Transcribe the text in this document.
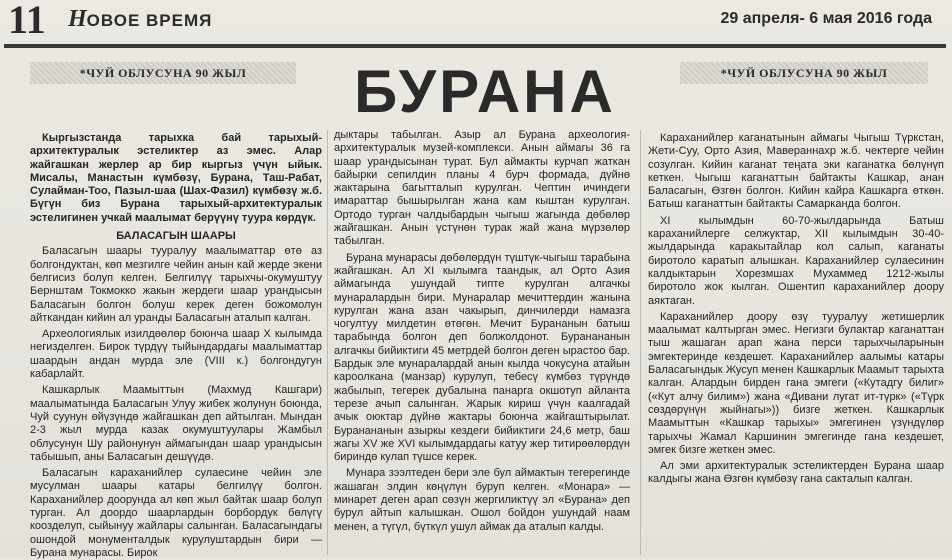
11 НОВОЕ ВРЕМЯ	29 апреля- 6 мая 2016 года
*ЧУЙ ОБЛУСУНА 90 ЖЫЛ	БУРАНА	*ЧУЙ ОБЛУСУНА 90 ЖЫЛ

Кыргызстанда тарыхка бай тарыхый-архитектуралык эстеликтер аз эмес. Алар жайгашкан жерлер ар бир кыргыз үчүн ыйык. Мисалы, Манастын күмбөзү, Бурана, Таш-Рабат, Сулайман-Тоо, Пазыл-шаа (Шах-Фазил) күмбөзү ж.б. Бүгүн биз Бурана тарыхый-архитектуралык эстелигинен учкай маалымат берүүнү туура көрдүк.

БАЛАСАГЫН ШААРЫ

Баласагын шаары тууралуу маалыматтар өтө аз болгондуктан, көп мезгилге чейин анын кай жерде экени белгисиз болуп келген. Белгилүү тарыхчы-окумуштуу Бернштам Токмокко жакын жердеги шаар урандысын Баласагын болгон болуш керек деген божомолун айткандан кийин ал уранды Баласагын аталып калган.

Археологиялык изилдөөлөр боюнча шаар X кылымда негизделген. Бирок түрдүү тыйындардагы маалыматтар шаардын андан мурда эле (VIII к.) болгондугун кабарлайт.

Кашкарлык Маамыттын (Махмуд Кашгари) маалыматында Баласагын Улуу жибек жолунун боюнда, Чуй суунун өйүзүндө жайгашкан деп айтылган. Мындан 2-3 жыл мурда казак окумуштуулары Жамбыл облусунун Шу районунун аймагындан шаар урандысын табышып, аны Баласагын дешүүдө.

Баласагын караханийлер сулаесине чейин эле мусулман шаары катары белгилүү болгон. Караханийлер доорунда ал көп жыл байтак шаар болуп турган. Ал доордо шаарлардын борбордук бөлүгү коозделуп, сыйынуу жайлары салынган. Баласагындагы ошондой монументалдык курулуштардын бири — Бурана мунарасы. Бирок

дыктары табылган. Азыр ал Бурана археология-архитектуралык музей-комплекси. Анын аймагы 36 га шаар урандысынан турат. Бул аймакты курчап жаткан байырки сепилдин планы 4 бурч формада, дүйнө жактарына багытталып курулган. Чептин ичиндеги имараттар бышырылган жана кам кыштан курулган. Ортодо турган чалдыбардын чыгыш жагында дөбөлөр жайгашкан. Анын үстүнөн турак жай жана мүрзөлөр табылган.

Бурана мунарасы дөбөлөрдүн түштүк-чыгыш тарабына жайгашкан. Ал XI кылымга таандык, ал Орто Азия аймагында ушундай типте курулган алгачкы мунаралардын бири. Мунаралар мечиттердин жанына курулган жана азан чакырып, динчилерди намазга чогултуу милдетин өтөгөн. Мечит Бурананын батыш тарабында болгон деп болжолдонот. Буранананын алгачкы бийиктиги 45 метрдей болгон деген ырастоо бар. Бардык эле мунаралардай анын кылда чокусуна атайын кароолкана (манзар) курулуп, тебесү күмбөз түрүндө жабылып, тегерек дубалына панарга окшотуп айланта терезе ачып салынган. Жарык кириш үчүн каалгадай ачык оюктар дүйнө жактары боюнча жайгаштырылат. Буранананын азыркы кездеги бийиктиги 24,6 метр, баш жагы XV же XVI кылымдардагы катуу жер титирөөлөрдүн бириндө кулап түшсе керек.

Мунара зээлтеден бери эле бул аймактын тегерегинде жашаган элдин көңүлүн буруп келген. «Монара» — минарет деген арап сөзүн жергиликтүү эл «Бурана» деп бурул айтып калышкан. Ошол бойдон ушундай наам менен, а түгүл, бүткүл ушул аймак да аталып калды.

Караханийлер каганатынын аймагы Чыгыш Түркстан, Жети-Суу, Орто Азия, Мавераннахр ж.б. чектерге чейин созулган. Кийин каганат теңата эки каганатка бөлүнүп кеткен. Чыгыш каганаттын байтакты Кашкар, анан Баласагын, Өзгөн болгон. Кийин кайра Кашкарга өткөн. Батыш каганаттын байтакты Самарканда болгон.

XI кылымдын 60-70-жылдарында Батыш караханийлерге селжуктар, XII кылымдын 30-40-жылдарында каракытайлар кол салып, каганаты биротоло каратып алышкан. Караханийлер сулаесинин калдыктарын Хорезмшах Мухаммед 1212-жылы биротоло жок кылган. Ошентип караханийлер доору аяктаган.

Караханийлер доору өзү тууралуу жетишерлик маалымат калтырган эмес. Негизги булактар каганаттан тыш жашаган арап жана перси тарыхчыларынын эмгектериндe кездешет. Караханийлер аалымы катары Баласагындык Жусуп менен Кашкарлык Маамыт тарыхта калган. Алардын бирден гана эмгеги («Кутадгу билиг» («Кут алчу билим») жана «Дивани лугат ит-түрк» («Түрк сөздөрүнүн жыйнагы»)) бизге жеткен. Кашкарлык Маамыттын «Кашкар тарыхы» эмгегинен үзүндүлөр тарыхчы Жамал Каршинин эмгегинде гана кездешет, эмгек бизге жеткен эмес.

Ал эми архитектуралык эстеликтерден Бурана шаар калдыгы жана Өзгөн күмбөзү гана сакталып калган.
